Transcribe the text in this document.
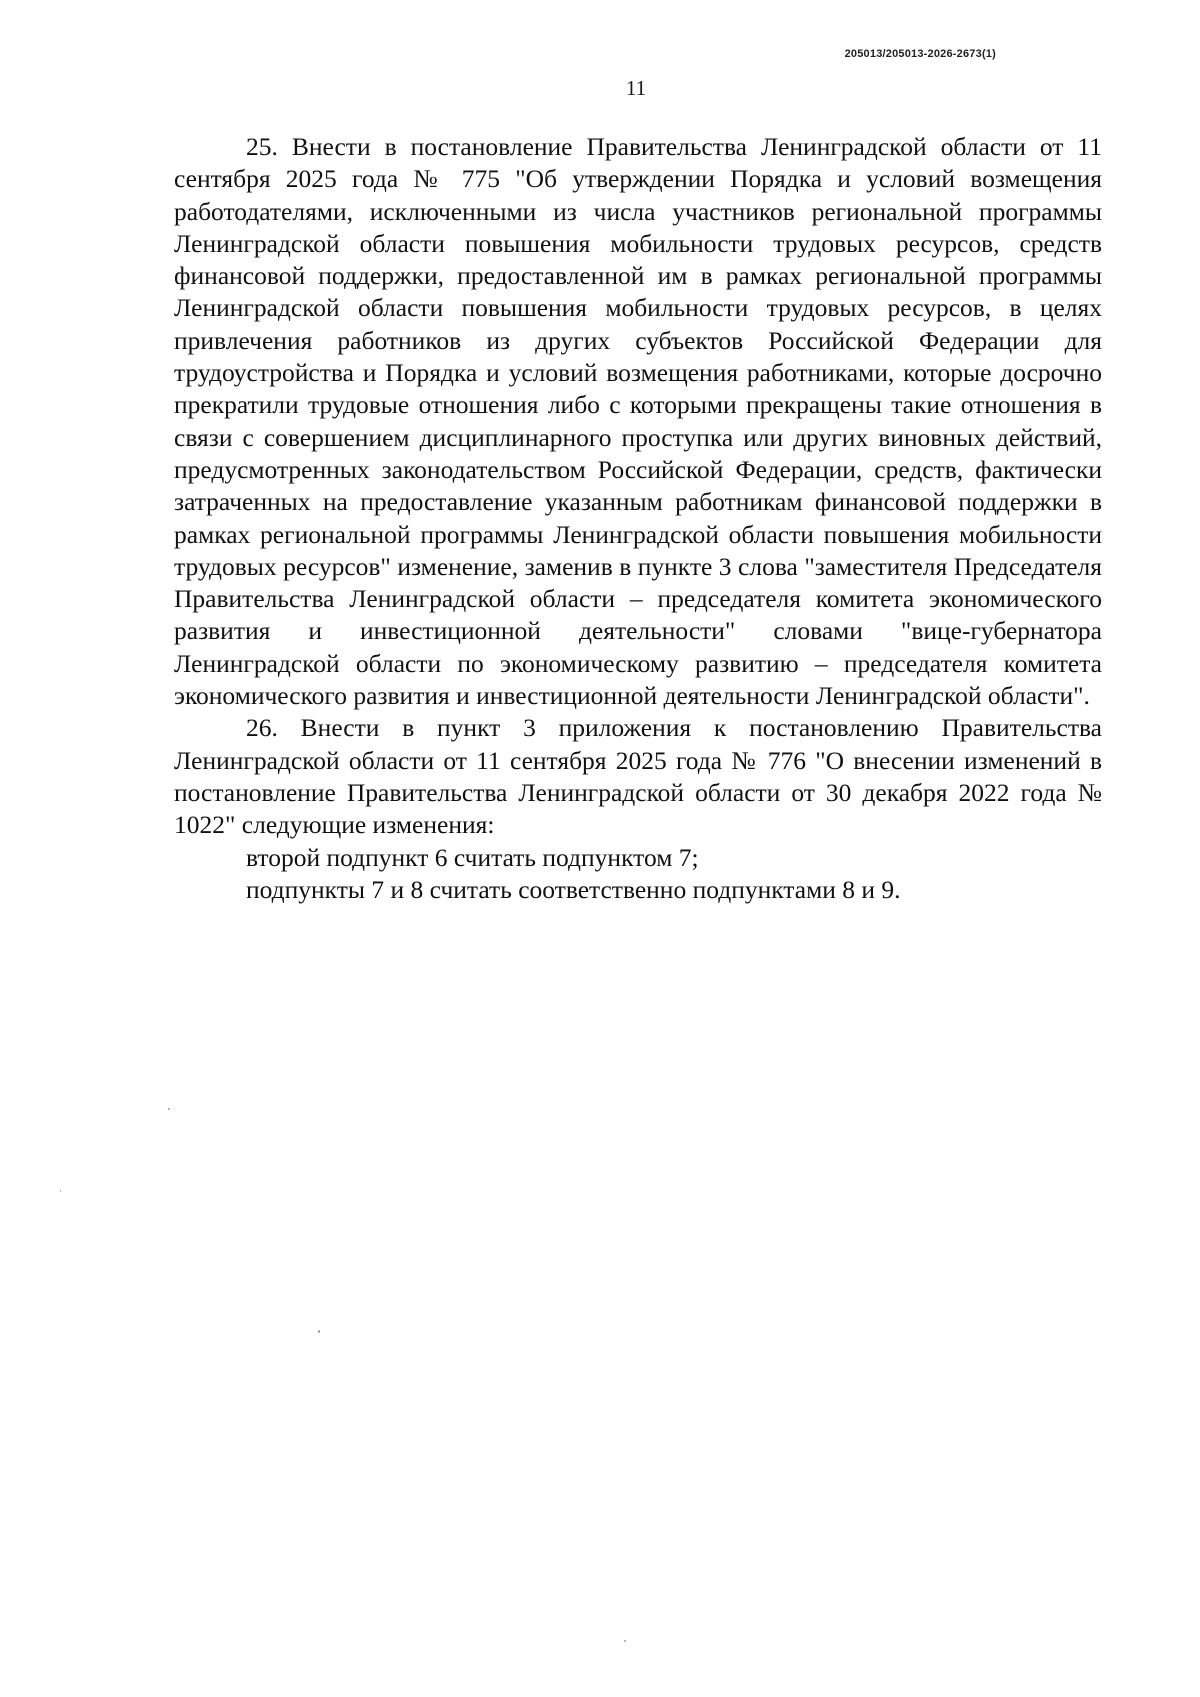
205013/205013-2026-2673(1)
11

25. Внести в постановление Правительства Ленинградской области от 11 сентября 2025 года № 775 "Об утверждении Порядка и условий возмещения работодателями, исключенными из числа участников региональной программы Ленинградской области повышения мобильности трудовых ресурсов, средств финансовой поддержки, предоставленной им в рамках региональной программы Ленинградской области повышения мобильности трудовых ресурсов, в целях привлечения работников из других субъектов Российской Федерации для трудоустройства и Порядка и условий возмещения работниками, которые досрочно прекратили трудовые отношения либо с которыми прекращены такие отношения в связи с совершением дисциплинарного проступка или других виновных действий, предусмотренных законодательством Российской Федерации, средств, фактически затраченных на предоставление указанным работникам финансовой поддержки в рамках региональной программы Ленинградской области повышения мобильности трудовых ресурсов" изменение, заменив в пункте 3 слова "заместителя Председателя Правительства Ленинградской области – председателя комитета экономического развития и инвестиционной деятельности" словами "вице-губернатора Ленинградской области по экономическому развитию – председателя комитета экономического развития и инвестиционной деятельности Ленинградской области".

26. Внести в пункт 3 приложения к постановлению Правительства Ленинградской области от 11 сентября 2025 года № 776 "О внесении изменений в постановление Правительства Ленинградской области от 30 декабря 2022 года № 1022" следующие изменения:

второй подпункт 6 считать подпунктом 7;

подпункты 7 и 8 считать соответственно подпунктами 8 и 9.
